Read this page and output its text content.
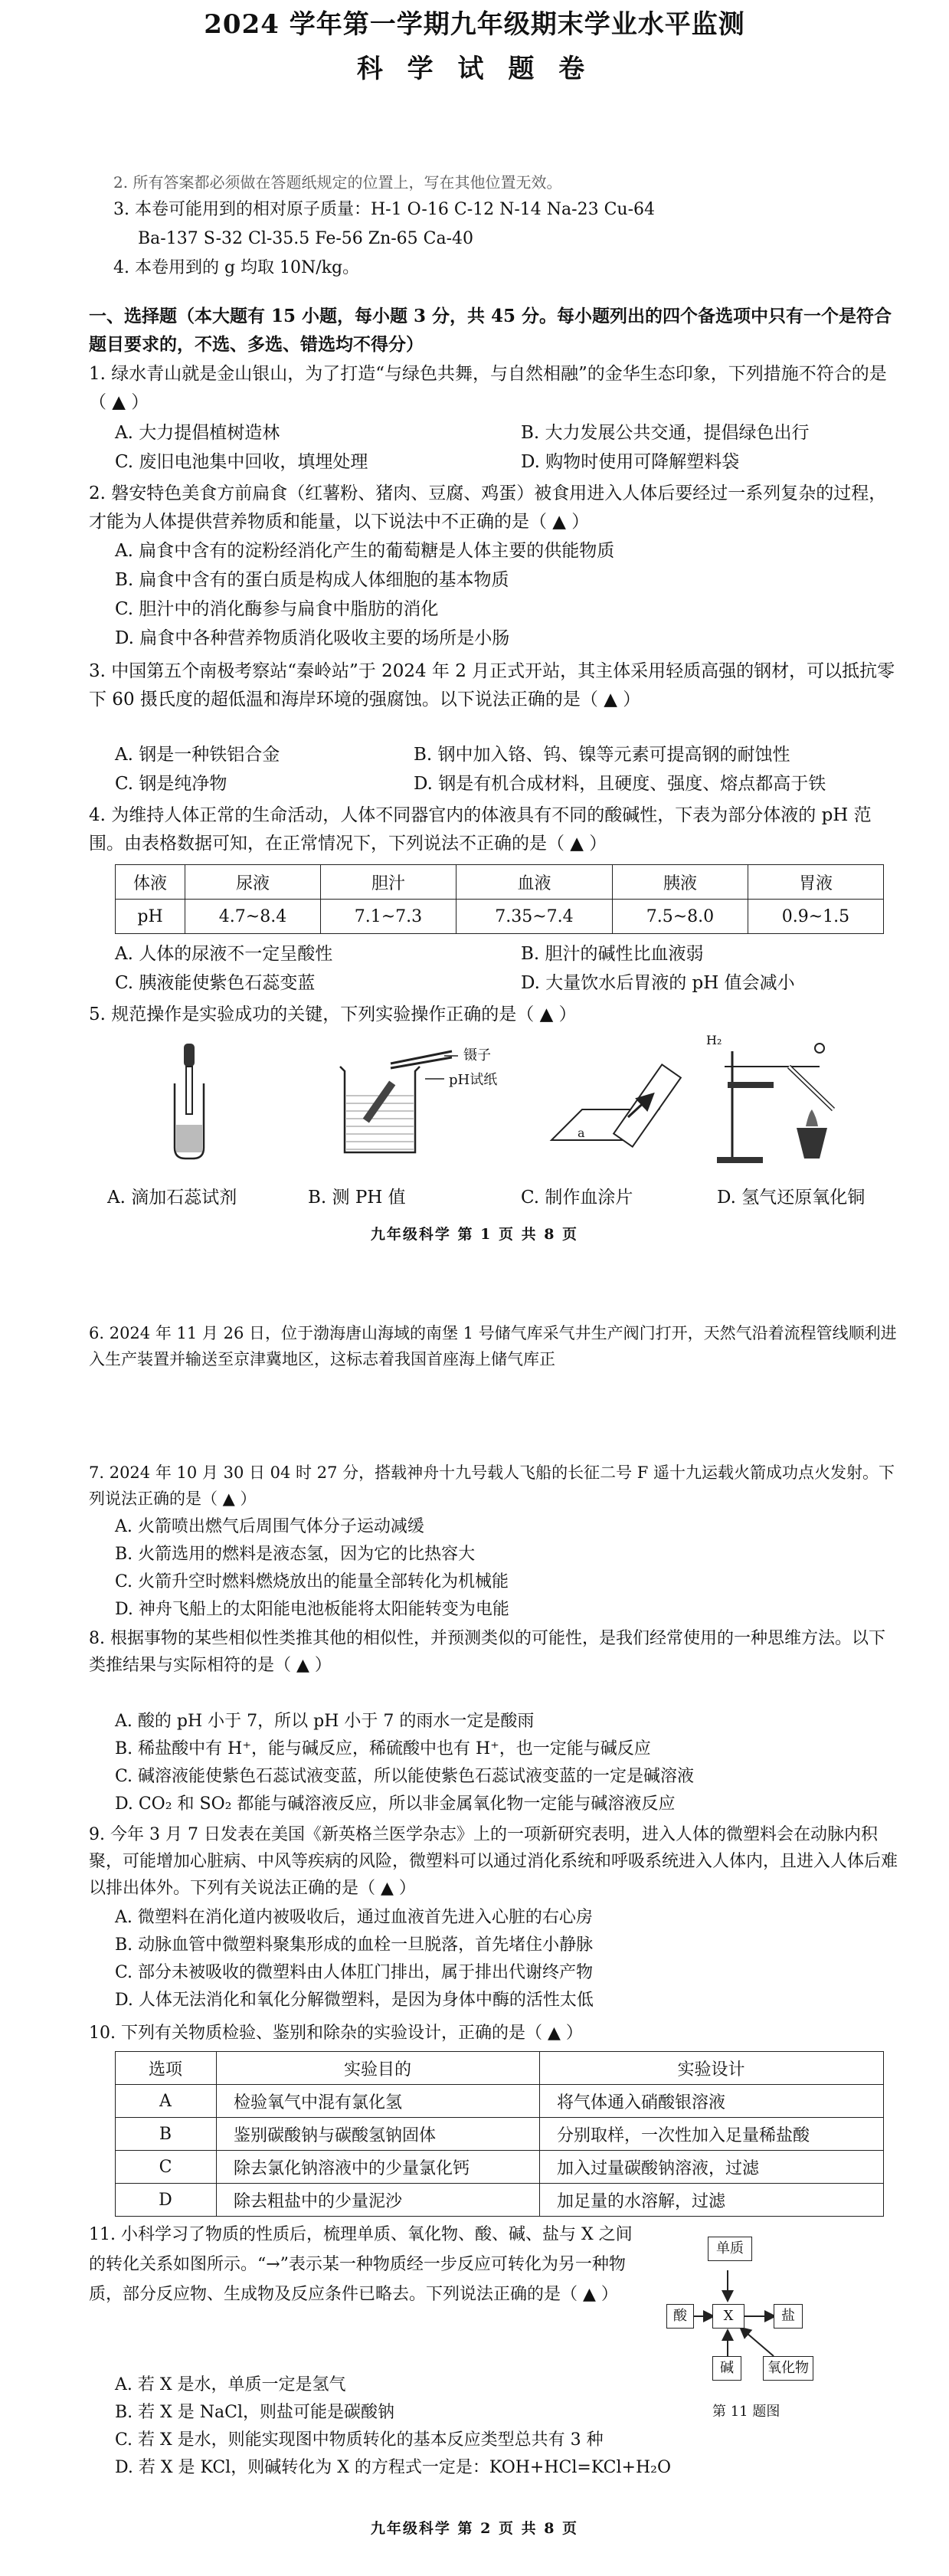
2024 学年第一学期九年级期末学业水平监测
科 学 试 题 卷
2. 所有答案都必须做在答题纸规定的位置上，写在其他位置无效。
3. 本卷可能用到的相对原子质量：H-1 O-16 C-12 N-14 Na-23 Cu-64
Ba-137 S-32 Cl-35.5 Fe-56 Zn-65 Ca-40
4. 本卷用到的 g 均取 10N/kg。
一、选择题（本大题有 15 小题，每小题 3 分，共 45 分。每小题列出的四个备选项中只有一个是符合题目要求的，不选、多选、错选均不得分）
1. 绿水青山就是金山银山，为了打造“与绿色共舞，与自然相融”的金华生态印象，下列措施不符合的是（ ▲ ）
A. 大力提倡植树造林	B. 大力发展公共交通，提倡绿色出行
C. 废旧电池集中回收，填埋处理	D. 购物时使用可降解塑料袋
2. 磐安特色美食方前扁食（红薯粉、猪肉、豆腐、鸡蛋）被食用进入人体后要经过一系列复杂的过程，才能为人体提供营养物质和能量，以下说法中不正确的是（ ▲ ）
A. 扁食中含有的淀粉经消化产生的葡萄糖是人体主要的供能物质
B. 扁食中含有的蛋白质是构成人体细胞的基本物质
C. 胆汁中的消化酶参与扁食中脂肪的消化
D. 扁食中各种营养物质消化吸收主要的场所是小肠
3. 中国第五个南极考察站“秦岭站”于 2024 年 2 月正式开站，其主体采用轻质高强的钢材，可以抵抗零下 60 摄氏度的超低温和海岸环境的强腐蚀。以下说法正确的是（ ▲ ）
A. 钢是一种铁铝合金	B. 钢中加入铬、钨、镍等元素可提高钢的耐蚀性
C. 钢是纯净物	D. 钢是有机合成材料，且硬度、强度、熔点都高于铁
4. 为维持人体正常的生命活动，人体不同器官内的体液具有不同的酸碱性，下表为部分体液的 pH 范围。由表格数据可知，在正常情况下，下列说法不正确的是（ ▲ ）
体液	尿液	胆汁	血液	胰液	胃液
pH	4.7~8.4	7.1~7.3	7.35~7.4	7.5~8.0	0.9~1.5
A. 人体的尿液不一定呈酸性	B. 胆汁的碱性比血液弱
C. 胰液能使紫色石蕊变蓝	D. 大量饮水后胃液的 pH 值会减小
5. 规范操作是实验成功的关键，下列实验操作正确的是（ ▲ ）
镊子
pH试纸
a
H₂
A. 滴加石蕊试剂	B. 测 PH 值	C. 制作血涂片	D. 氢气还原氧化铜
九年级科学 第 1 页 共 8 页
6. 2024 年 11 月 26 日，位于渤海唐山海域的南堡 1 号储气库采气井生产阀门打开，天然气沿着流程管线顺利进入生产装置并输送至京津冀地区，这标志着我国首座海上储气库正
7. 2024 年 10 月 30 日 04 时 27 分，搭载神舟十九号载人飞船的长征二号 F 遥十九运载火箭成功点火发射。下列说法正确的是（ ▲ ）
A. 火箭喷出燃气后周围气体分子运动减缓
B. 火箭选用的燃料是液态氢，因为它的比热容大
C. 火箭升空时燃料燃烧放出的能量全部转化为机械能
D. 神舟飞船上的太阳能电池板能将太阳能转变为电能
8. 根据事物的某些相似性类推其他的相似性，并预测类似的可能性，是我们经常使用的一种思维方法。以下类推结果与实际相符的是（ ▲ ）
A. 酸的 pH 小于 7，所以 pH 小于 7 的雨水一定是酸雨
B. 稀盐酸中有 H⁺，能与碱反应，稀硫酸中也有 H⁺，也一定能与碱反应
C. 碱溶液能使紫色石蕊试液变蓝，所以能使紫色石蕊试液变蓝的一定是碱溶液
D. CO₂ 和 SO₂ 都能与碱溶液反应，所以非金属氧化物一定能与碱溶液反应
9. 今年 3 月 7 日发表在美国《新英格兰医学杂志》上的一项新研究表明，进入人体的微塑料会在动脉内积聚，可能增加心脏病、中风等疾病的风险，微塑料可以通过消化系统和呼吸系统进入人体内，且进入人体后难以排出体外。下列有关说法正确的是（ ▲ ）
A. 微塑料在消化道内被吸收后，通过血液首先进入心脏的右心房
B. 动脉血管中微塑料聚集形成的血栓一旦脱落，首先堵住小静脉
C. 部分未被吸收的微塑料由人体肛门排出，属于排出代谢终产物
D. 人体无法消化和氧化分解微塑料，是因为身体中酶的活性太低
10. 下列有关物质检验、鉴别和除杂的实验设计，正确的是（ ▲ ）
选项	实验目的	实验设计
A	检验氧气中混有氯化氢	将气体通入硝酸银溶液
B	鉴别碳酸钠与碳酸氢钠固体	分别取样，一次性加入足量稀盐酸
C	除去氯化钠溶液中的少量氯化钙	加入过量碳酸钠溶液，过滤
D	除去粗盐中的少量泥沙	加足量的水溶解，过滤
11. 小科学习了物质的性质后，梳理单质、氧化物、酸、碱、盐与 X 之间的转化关系如图所示。“→”表示某一种物质经一步反应可转化为另一种物质，部分反应物、生成物及反应条件已略去。下列说法正确的是（ ▲ ）
A. 若 X 是水，单质一定是氢气
B. 若 X 是 NaCl，则盐可能是碳酸钠
C. 若 X 是水，则能实现图中物质转化的基本反应类型总共有 3 种
D. 若 X 是 KCl，则碱转化为 X 的方程式一定是：KOH+HCl=KCl+H₂O
单质
酸	X	盐
碱	氧化物
第 11 题图
九年级科学 第 2 页 共 8 页
